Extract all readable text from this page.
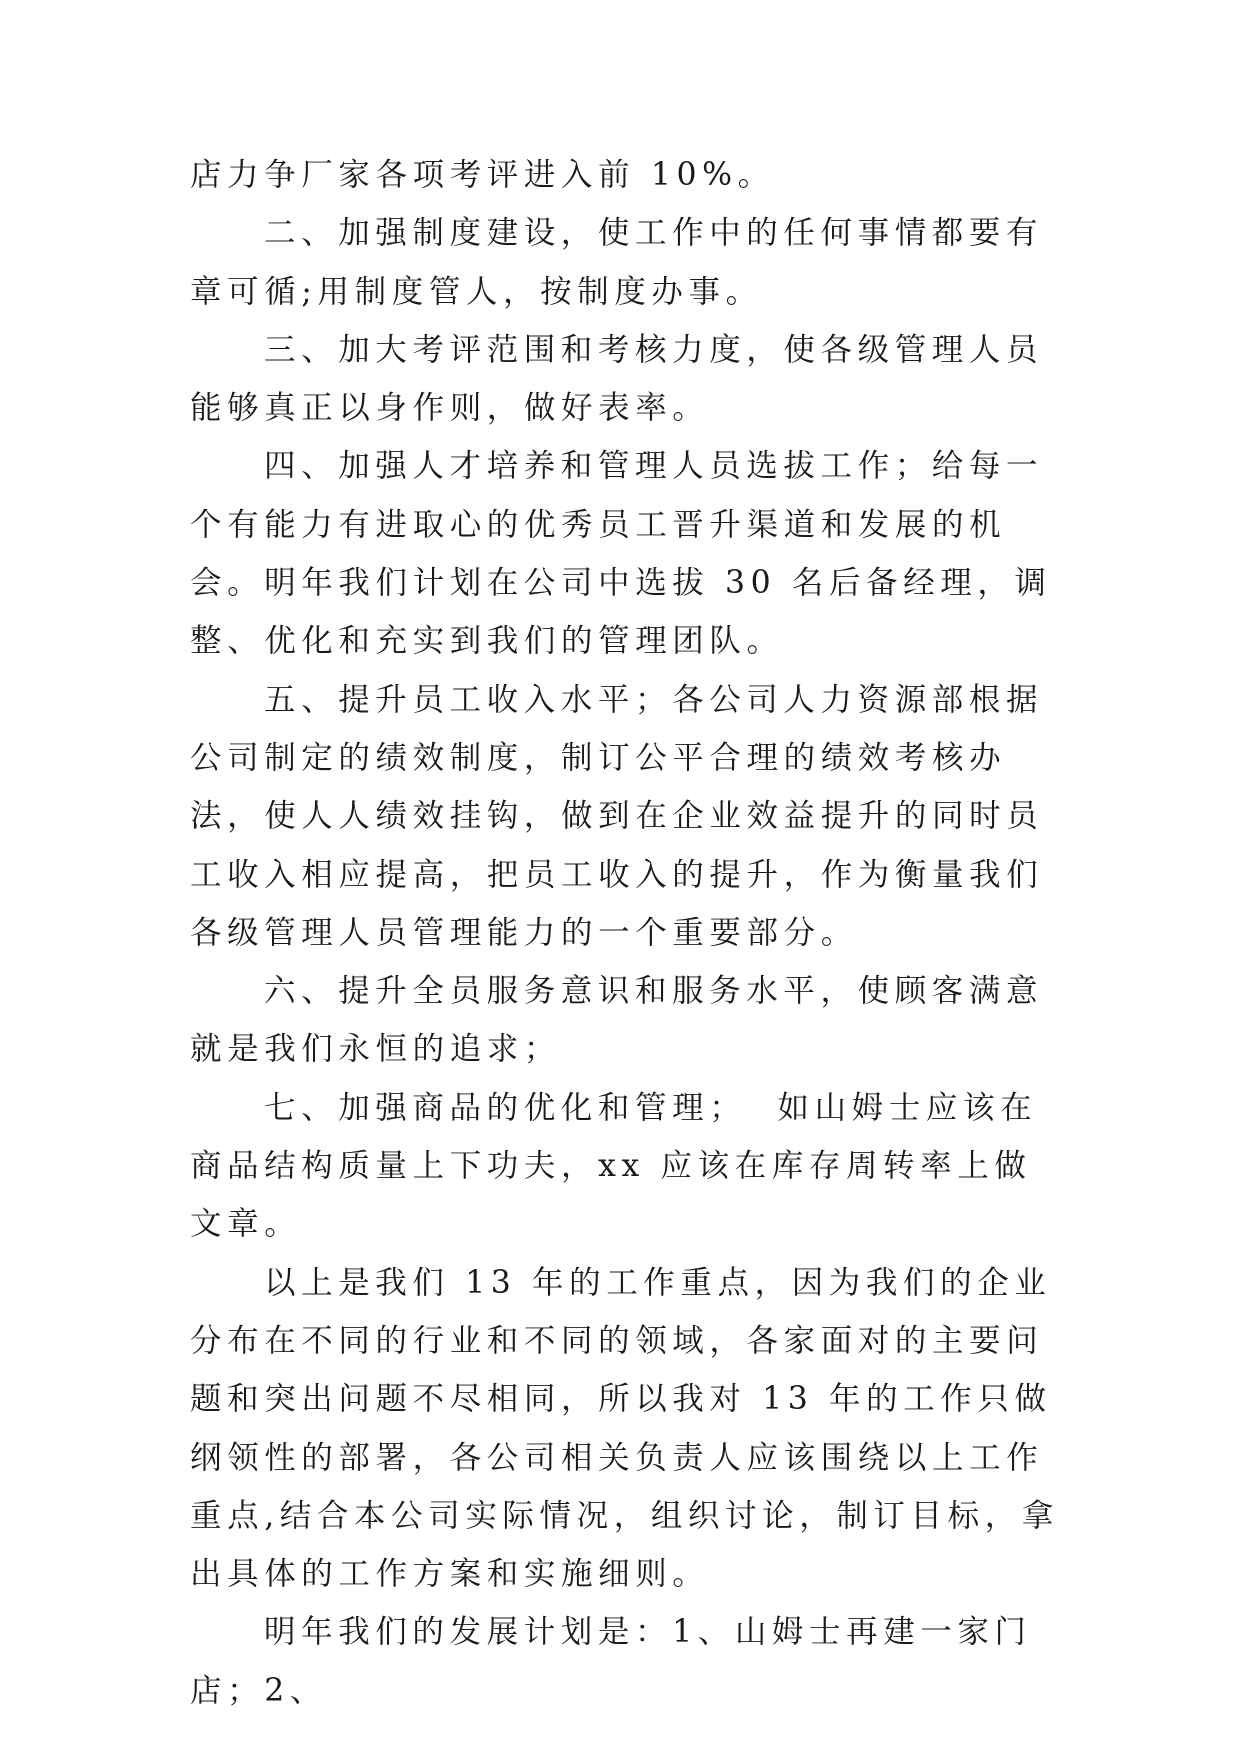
店力争厂家各项考评进入前 10%。

二、加强制度建设，使工作中的任何事情都要有章可循;用制度管人，按制度办事。

三、加大考评范围和考核力度，使各级管理人员能够真正以身作则，做好表率。

四、加强人才培养和管理人员选拔工作；给每一个有能力有进取心的优秀员工晋升渠道和发展的机会。明年我们计划在公司中选拔 30 名后备经理，调整、优化和充实到我们的管理团队。

五、提升员工收入水平；各公司人力资源部根据公司制定的绩效制度，制订公平合理的绩效考核办法，使人人绩效挂钩，做到在企业效益提升的同时员工收入相应提高，把员工收入的提升，作为衡量我们各级管理人员管理能力的一个重要部分。

六、提升全员服务意识和服务水平，使顾客满意就是我们永恒的追求；

七、加强商品的优化和管理；  如山姆士应该在商品结构质量上下功夫，xx 应该在库存周转率上做文章。

以上是我们 13 年的工作重点，因为我们的企业分布在不同的行业和不同的领域，各家面对的主要问题和突出问题不尽相同，所以我对 13 年的工作只做纲领性的部署，各公司相关负责人应该围绕以上工作重点,结合本公司实际情况，组织讨论，制订目标，拿出具体的工作方案和实施细则。

明年我们的发展计划是：1、山姆士再建一家门店；2、
